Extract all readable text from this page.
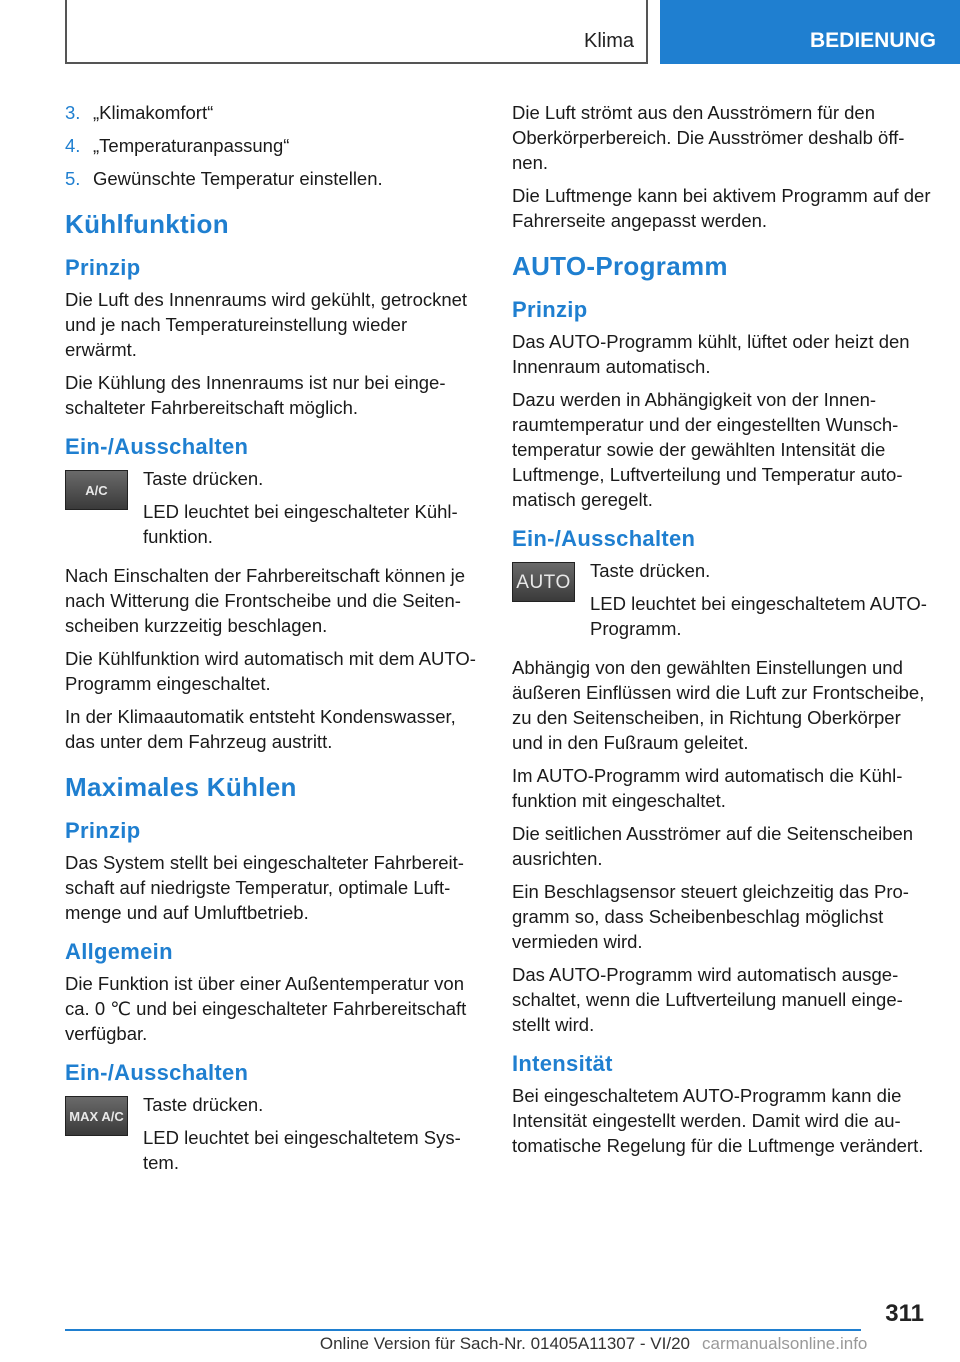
Klima	BEDIENUNG
3. „Klimakomfort“
4. „Temperaturanpassung“
5. Gewünschte Temperatur einstellen.
Kühlfunktion
Prinzip

Die Luft des Innenraums wird gekühlt, getrocknet und je nach Temperatureinstellung wieder erwärmt.

Die Kühlung des Innenraums ist nur bei eingeschalteter Fahrbereitschaft möglich.

Ein-/Ausschalten
A/C

Taste drücken.

LED leuchtet bei eingeschalteter Kühlfunktion.

Nach Einschalten der Fahrbereitschaft können je nach Witterung die Frontscheibe und die Seitenscheiben kurzzeitig beschlagen.

Die Kühlfunktion wird automatisch mit dem AUTO-Programm eingeschaltet.

In der Klimaautomatik entsteht Kondenswasser, das unter dem Fahrzeug austritt.

Maximales Kühlen
Prinzip

Das System stellt bei eingeschalteter Fahrbereitschaft auf niedrigste Temperatur, optimale Luftmenge und auf Umluftbetrieb.

Allgemein

Die Funktion ist über einer Außentemperatur von ca. 0 ℃ und bei eingeschalteter Fahrbereitschaft verfügbar.

Ein-/Ausschalten
MAX A/C

Taste drücken.

LED leuchtet bei eingeschaltetem System.

Die Luft strömt aus den Ausströmern für den Oberkörperbereich. Die Ausströmer deshalb öffnen.

Die Luftmenge kann bei aktivem Programm auf der Fahrerseite angepasst werden.

AUTO-Programm
Prinzip

Das AUTO-Programm kühlt, lüftet oder heizt den Innenraum automatisch.

Dazu werden in Abhängigkeit von der Innenraumtemperatur und der eingestellten Wunschtemperatur sowie der gewählten Intensität die Luftmenge, Luftverteilung und Temperatur automatisch geregelt.

Ein-/Ausschalten
AUTO

Taste drücken.

LED leuchtet bei eingeschaltetem AUTO-Programm.

Abhängig von den gewählten Einstellungen und äußeren Einflüssen wird die Luft zur Frontscheibe, zu den Seitenscheiben, in Richtung Oberkörper und in den Fußraum geleitet.

Im AUTO-Programm wird automatisch die Kühlfunktion mit eingeschaltet.

Die seitlichen Ausströmer auf die Seitenscheiben ausrichten.

Ein Beschlagsensor steuert gleichzeitig das Programm so, dass Scheibenbeschlag möglichst vermieden wird.

Das AUTO-Programm wird automatisch ausgeschaltet, wenn die Luftverteilung manuell eingestellt wird.

Intensität

Bei eingeschaltetem AUTO-Programm kann die Intensität eingestellt werden. Damit wird die automatische Regelung für die Luftmenge verändert.

311
Online Version für Sach-Nr. 01405A11307 - VI/20 carmanualsonline.info
